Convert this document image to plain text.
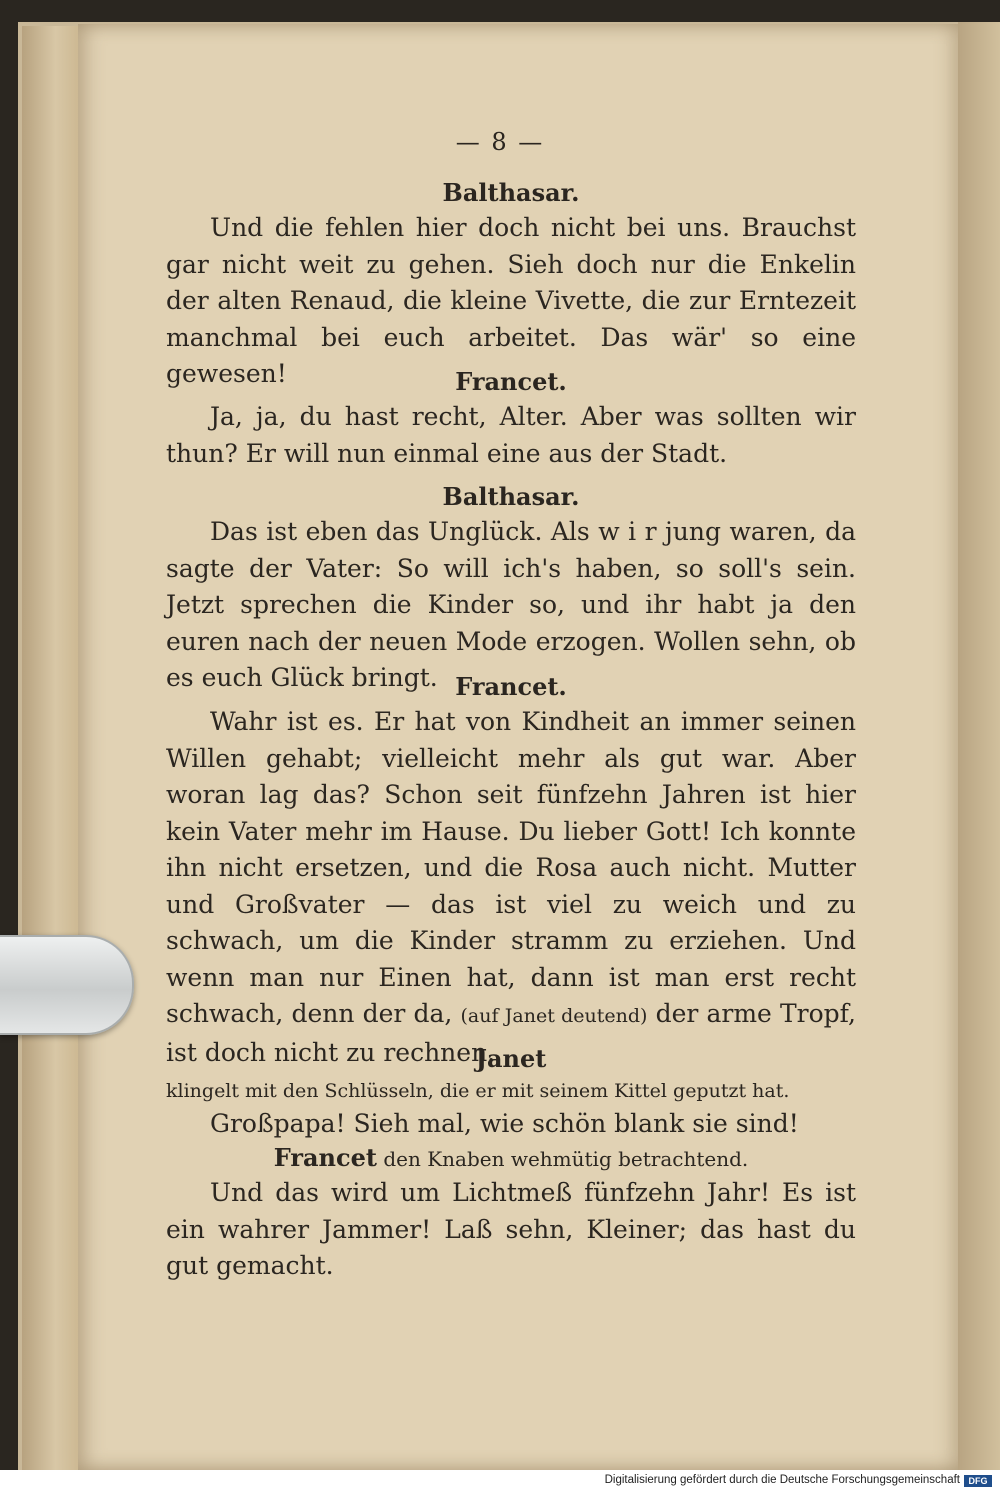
— 8 —

Balthasar.

Und die fehlen hier doch nicht bei uns. Brauchst gar nicht weit zu gehen. Sieh doch nur die Enkelin der alten Renaud, die kleine Vivette, die zur Erntezeit manchmal bei euch arbeitet. Das wär' so eine gewesen!	Francet.

Ja, ja, du hast recht, Alter. Aber was sollten wir thun? Er will nun einmal eine aus der Stadt.

Balthasar.

Das ist eben das Unglück. Als w i r jung waren, da sagte der Vater: So will ich's haben, so soll's sein. Jetzt sprechen die Kinder so, und ihr habt ja den euren nach der neuen Mode erzogen. Wollen sehn, ob es euch Glück bringt. Francet.

Wahr ist es. Er hat von Kindheit an immer seinen Willen gehabt; vielleicht mehr als gut war. Aber woran lag das? Schon seit fünfzehn Jahren ist hier kein Vater mehr im Hause. Du lieber Gott! Ich konnte ihn nicht ersetzen, und die Rosa auch nicht. Mutter und Großvater — das ist viel zu weich und zu schwach, um die Kinder stramm zu erziehen. Und wenn man nur Einen hat, dann ist man erst recht schwach, denn der da, (auf Janet deutend) der arme Tropf, ist doch nicht zu rechnen.

Janet

klingelt mit den Schlüsseln, die er mit seinem Kittel geputzt hat.

Großpapa! Sieh mal, wie schön blank sie sind!

Francet den Knaben wehmütig betrachtend.

Und das wird um Lichtmeß fünfzehn Jahr! Es ist ein wahrer Jammer! Laß sehn, Kleiner; das hast du gut gemacht.

Digitalisierung gefördert durch die Deutsche Forschungsgemeinschaft DFG
